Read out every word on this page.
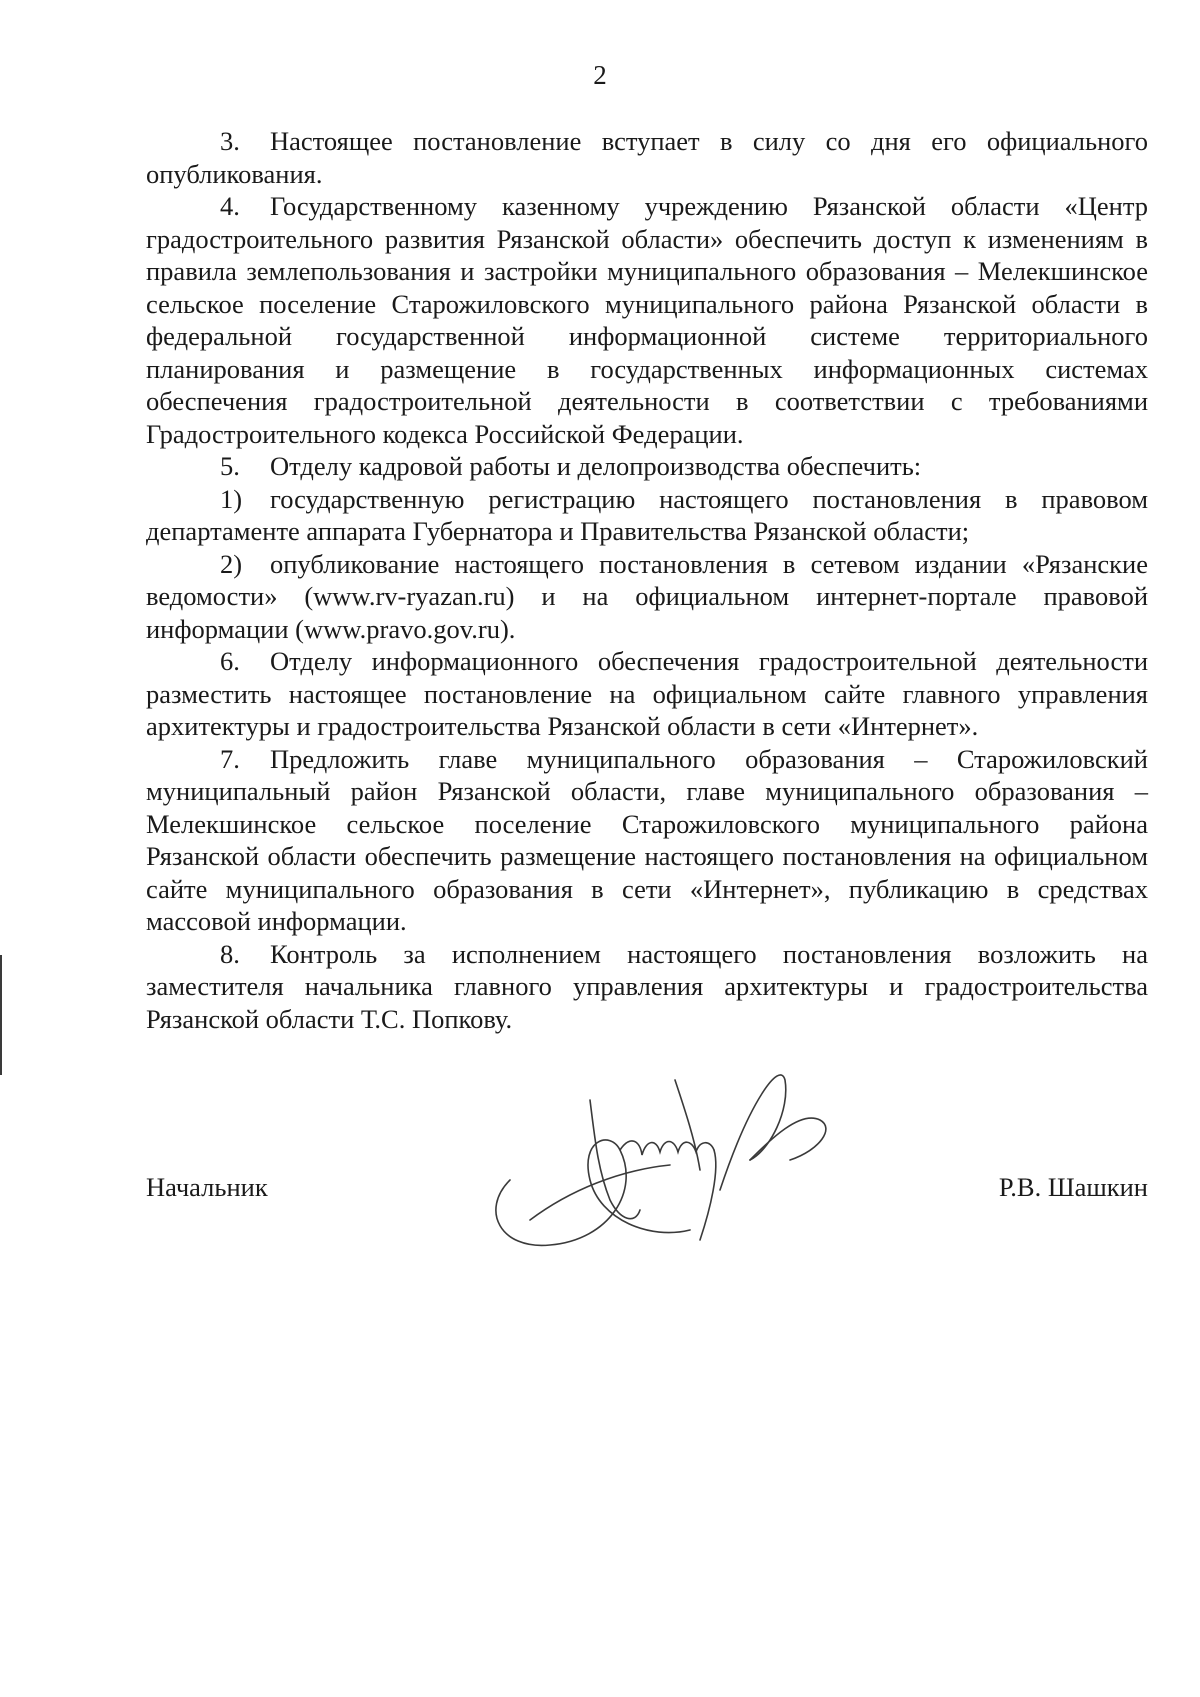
2

3. Настоящее постановление вступает в силу со дня его официального опубликования.

4. Государственному казенному учреждению Рязанской области «Центр градостроительного развития Рязанской области» обеспечить доступ к изменениям в правила землепользования и застройки муниципального образования – Мелекшинское сельское поселение Старожиловского муниципального района Рязанской области в федеральной государственной информационной системе территориального планирования и размещение в государственных информационных системах обеспечения градостроительной деятельности в соответствии с требованиями Градостроительного кодекса Российской Федерации.

5. Отделу кадровой работы и делопроизводства обеспечить:

1) государственную регистрацию настоящего постановления в правовом департаменте аппарата Губернатора и Правительства Рязанской области;

2) опубликование настоящего постановления в сетевом издании «Рязанские ведомости» (www.rv-ryazan.ru) и на официальном интернет-портале правовой информации (www.pravo.gov.ru).

6. Отделу информационного обеспечения градостроительной деятельности разместить настоящее постановление на официальном сайте главного управления архитектуры и градостроительства Рязанской области в сети «Интернет».

7. Предложить главе муниципального образования – Старожиловский муниципальный район Рязанской области, главе муниципального образования – Мелекшинское сельское поселение Старожиловского муниципального района Рязанской области обеспечить размещение настоящего постановления на официальном сайте муниципального образования в сети «Интернет», публикацию в средствах массовой информации.

8. Контроль за исполнением настоящего постановления возложить на заместителя начальника главного управления архитектуры и градостроительства Рязанской области Т.С. Попкову.

Начальник	Р.В. Шашкин
